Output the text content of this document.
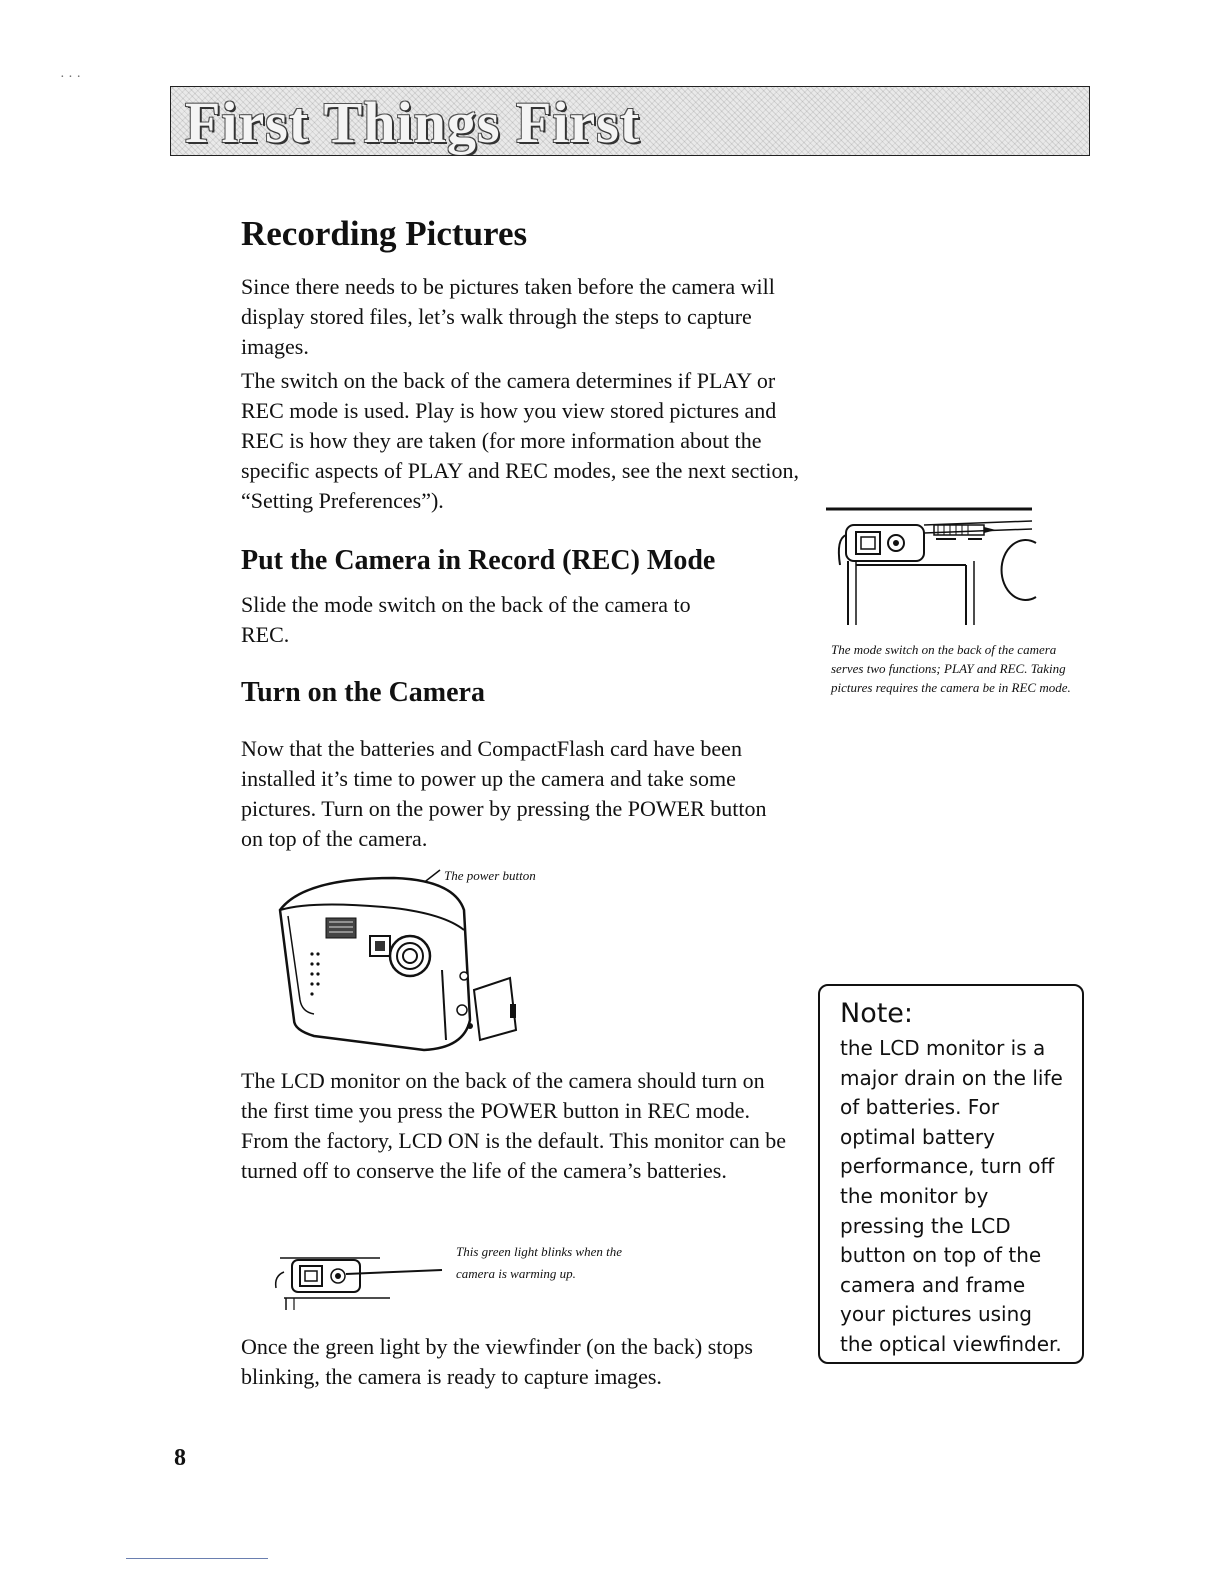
· · ·
First Things First
Recording Pictures

Since there needs to be pictures taken before the camera will display stored files, let’s walk through the steps to capture images.

The switch on the back of the camera determines if PLAY or REC mode is used. Play is how you view stored pictures and REC is how they are taken (for more information about the specific aspects of PLAY and REC modes, see the next section, “Setting Preferences”).

Put the Camera in Record (REC) Mode

Slide the mode switch on the back of the camera to REC.

Turn on the Camera

Now that the batteries and CompactFlash card have been installed it’s time to power up the camera and take some pictures. Turn on the power by pressing the POWER button on top of the camera.

The mode switch on the back of the camera serves two functions; PLAY and REC. Taking pictures requires the camera be in REC mode.
The power button

The LCD monitor on the back of the camera should turn on the first time you press the POWER button in REC mode. From the factory, LCD ON is the default. This monitor can be turned off to conserve the life of the camera’s batteries.

This green light blinks when the
camera is warming up.

Once the green light by the viewfinder (on the back) stops blinking, the camera is ready to capture images.

Note:

the LCD monitor is a major drain on the life of batteries. For optimal battery performance, turn off the monitor by pressing the LCD button on top of the camera and frame your pictures using the optical viewfinder.

8
